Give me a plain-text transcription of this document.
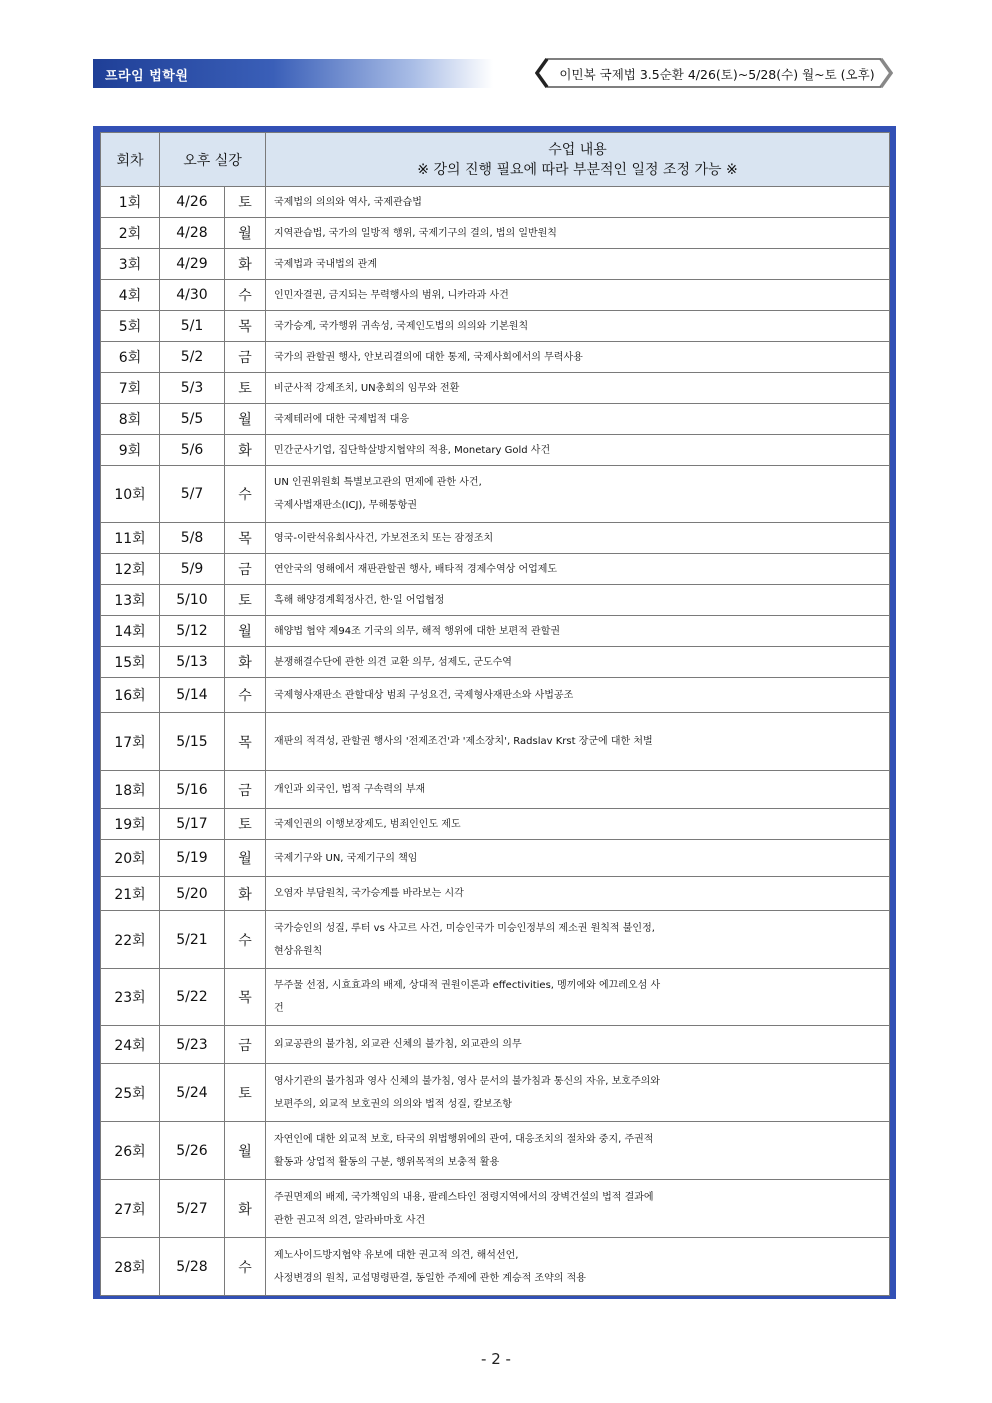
프라임 법학원	이민복 국제법 3.5순환 4/26(토)~5/28(수) 월~토 (오후)
회차	오후 실강		수업 내용
※ 강의 진행 필요에 따라 부분적인 일정 조정 가능 ※

1회	4/26	토	국제법의 의의와 역사, 국제관습법

2회	4/28	월	지역관습법, 국가의 일방적 행위, 국제기구의 결의, 법의 일반원칙

3회	4/29	화	국제법과 국내법의 관계

4회	4/30	수	인민자결권, 금지되는 무력행사의 범위, 니카라과 사건

5회	5/1	목	국가승계, 국가행위 귀속성, 국제인도법의 의의와 기본원칙

6회	5/2	금	국가의 관할권 행사, 안보리결의에 대한 통제, 국제사회에서의 무력사용

7회	5/3	토	비군사적 강제조치, UN총회의 임무와 전환

8회	5/5	월	국제테러에 대한 국제법적 대응

9회	5/6	화	민간군사기업, 집단학살방지협약의 적용, Monetary Gold 사건

10회	5/7	수	UN 인권위원회 특별보고관의 면제에 관한 사건,
국제사법재판소(ICJ), 무해통항권

11회	5/8	목	영국-이란석유회사사건, 가보전조치 또는 잠정조치

12회	5/9	금	연안국의 영해에서 재판관할권 행사, 배타적 경제수역상 어업제도

13회	5/10	토	흑해 해양경계획정사건, 한·일 어업협정

14회	5/12	월	해양법 협약 제94조 기국의 의무, 해적 행위에 대한 보편적 관할권

15회	5/13	화	분쟁해결수단에 관한 의견 교환 의무, 섬제도, 군도수역

16회	5/14	수	국제형사재판소 관할대상 범죄 구성요건, 국제형사재판소와 사법공조

17회	5/15	목	재판의 적격성, 관할권 행사의 '전제조건'과 '제소장치', Radslav Krst 장군에 대한 처벌

18회	5/16	금	개인과 외국인, 법적 구속력의 부재

19회	5/17	토	국제인권의 이행보장제도, 범죄인인도 제도

20회	5/19	월	국제기구와 UN, 국제기구의 책임

21회	5/20	화	오염자 부담원칙, 국가승계를 바라보는 시각

22회	5/21	수	국가승인의 성질, 루터 vs 사고르 사건, 미승인국가 미승인정부의 제소권 원칙적 불인정,
현상유원칙

23회	5/22	목	무주물 선점, 시효효과의 배제, 상대적 권원이론과 effectivities, 멩끼에와 에끄레오섬 사
건

24회	5/23	금	외교공관의 불가침, 외교관 신체의 불가침, 외교관의 의무

25회	5/24	토	영사기관의 불가침과 영사 신체의 불가침, 영사 문서의 불가침과 통신의 자유, 보호주의와
보편주의, 외교적 보호권의 의의와 법적 성질, 칼보조항

26회	5/26	월	자연인에 대한 외교적 보호, 타국의 위법행위에의 관여, 대응조치의 절차와 중지, 주권적
활동과 상업적 활동의 구분, 행위목적의 보충적 활용

27회	5/27	화	주권면제의 배제, 국가책임의 내용, 팔레스타인 점령지역에서의 장벽건설의 법적 결과에
관한 권고적 의견, 알라바마호 사건

28회	5/28	수	제노사이드방지협약 유보에 대한 권고적 의견, 해석선언,
사정변경의 원칙, 교섭명령판결, 동일한 주제에 관한 계승적 조약의 적용
- 2 -
